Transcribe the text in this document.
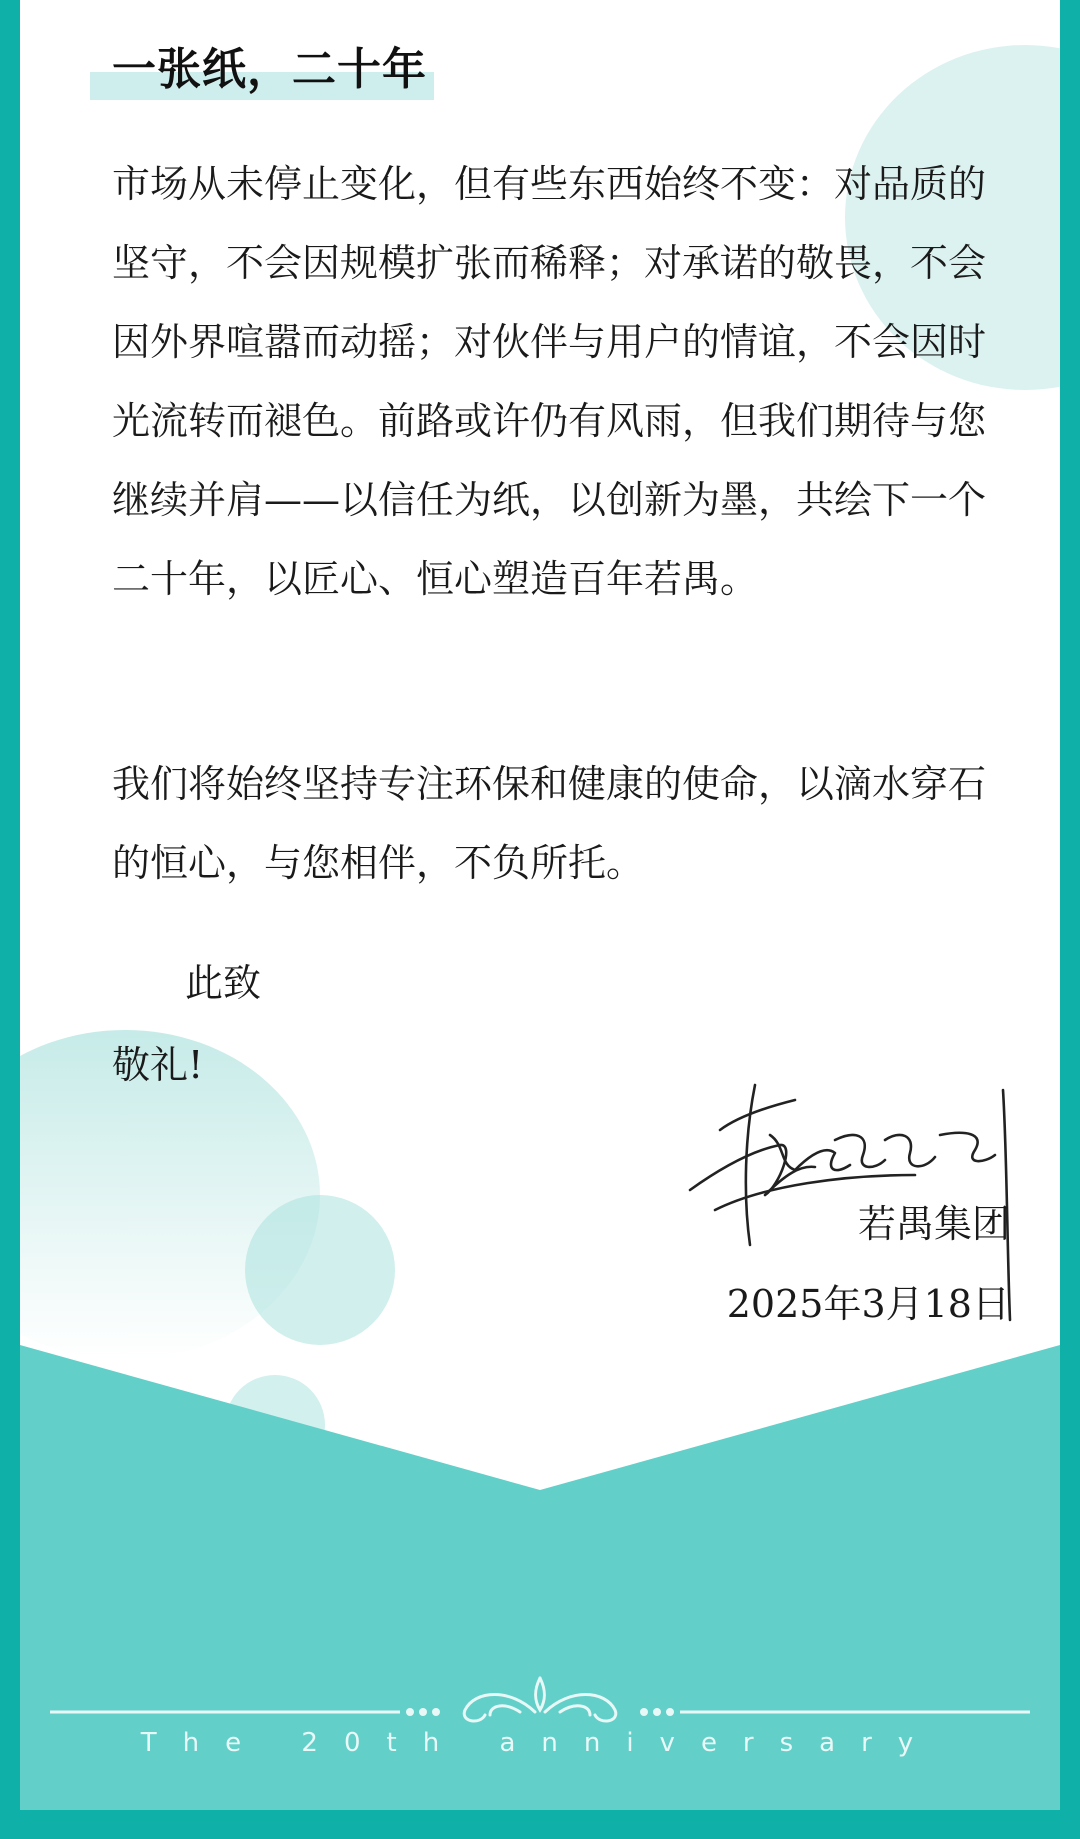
一张纸，二十年

市场从未停止变化，但有些东西始终不变：对品质的坚守，不会因规模扩张而稀释；对承诺的敬畏，不会因外界喧嚣而动摇；对伙伴与用户的情谊，不会因时光流转而褪色。前路或许仍有风雨，但我们期待与您继续并肩——以信任为纸，以创新为墨，共绘下一个二十年，以匠心、恒心塑造百年若禺。

我们将始终坚持专注环保和健康的使命，以滴水穿石的恒心，与您相伴，不负所托。

此致

敬礼!

若禺集团

2025年3月18日

The 20th anniversary
